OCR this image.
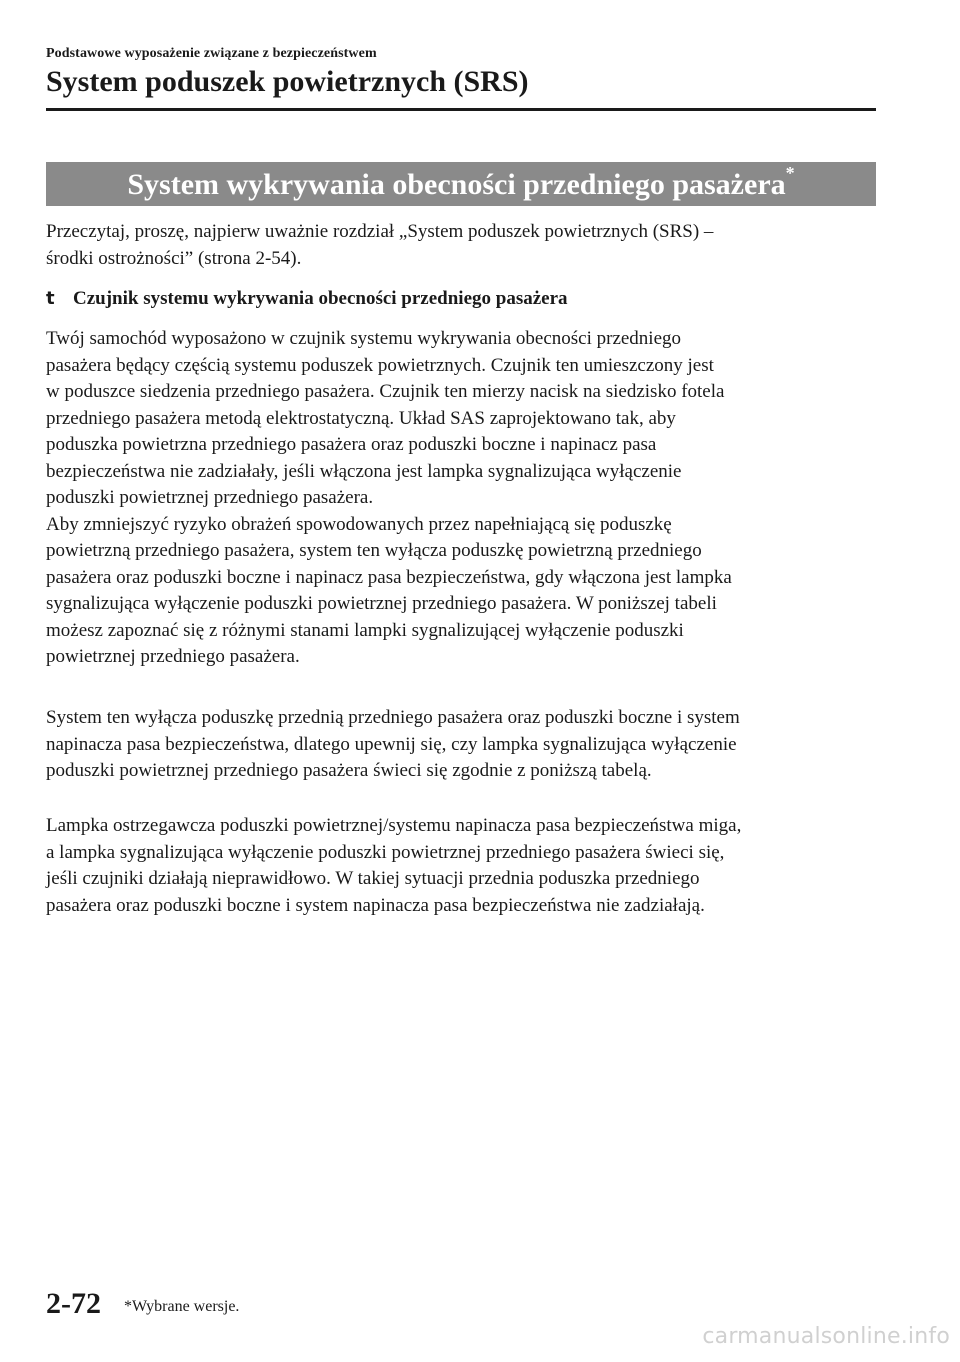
Podstawowe wyposażenie związane z bezpieczeństwem
System poduszek powietrznych (SRS)
System wykrywania obecności przedniego pasażera*
Przeczytaj, proszę, najpierw uważnie rozdział „System poduszek powietrznych (SRS) –
środki ostrożności” (strona 2-54).
t Czujnik systemu wykrywania obecności przedniego pasażera
Twój samochód wyposażono w czujnik systemu wykrywania obecności przedniego
pasażera będący częścią systemu poduszek powietrznych. Czujnik ten umieszczony jest
w poduszce siedzenia przedniego pasażera. Czujnik ten mierzy nacisk na siedzisko fotela
przedniego pasażera metodą elektrostatyczną. Układ SAS zaprojektowano tak, aby
poduszka powietrzna przedniego pasażera oraz poduszki boczne i napinacz pasa
bezpieczeństwa nie zadziałały, jeśli włączona jest lampka sygnalizująca wyłączenie
poduszki powietrznej przedniego pasażera.
Aby zmniejszyć ryzyko obrażeń spowodowanych przez napełniającą się poduszkę
powietrzną przedniego pasażera, system ten wyłącza poduszkę powietrzną przedniego
pasażera oraz poduszki boczne i napinacz pasa bezpieczeństwa, gdy włączona jest lampka
sygnalizująca wyłączenie poduszki powietrznej przedniego pasażera. W poniższej tabeli
możesz zapoznać się z różnymi stanami lampki sygnalizującej wyłączenie poduszki
powietrznej przedniego pasażera.
System ten wyłącza poduszkę przednią przedniego pasażera oraz poduszki boczne i system
napinacza pasa bezpieczeństwa, dlatego upewnij się, czy lampka sygnalizująca wyłączenie
poduszki powietrznej przedniego pasażera świeci się zgodnie z poniższą tabelą.
Lampka ostrzegawcza poduszki powietrznej/systemu napinacza pasa bezpieczeństwa miga,
a lampka sygnalizująca wyłączenie poduszki powietrznej przedniego pasażera świeci się,
jeśli czujniki działają nieprawidłowo. W takiej sytuacji przednia poduszka przedniego
pasażera oraz poduszki boczne i system napinacza pasa bezpieczeństwa nie zadziałają.
2-72 *Wybrane wersje.
carmanualsonline.info
